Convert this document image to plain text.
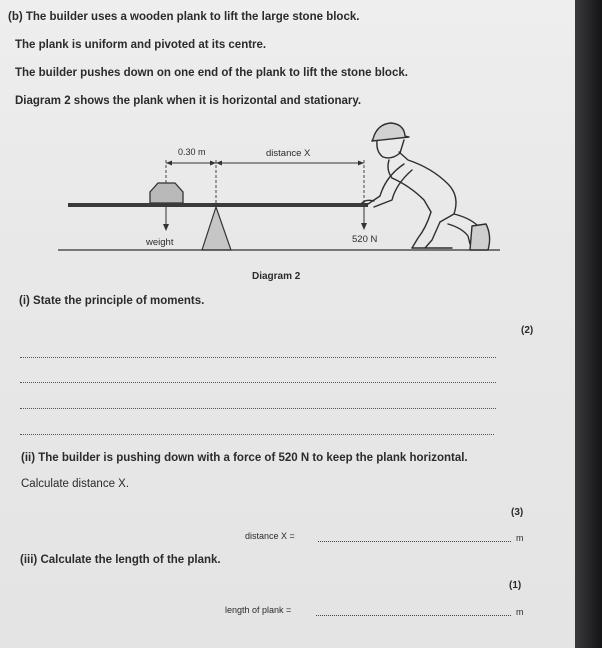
(b) The builder uses a wooden plank to lift the large stone block.
The plank is uniform and pivoted at its centre.
The builder pushes down on one end of the plank to lift the stone block.
Diagram 2 shows the plank when it is horizontal and stationary.
0.30 m	distance X
weight	520 N
Diagram 2
(i) State the principle of moments.
(2)
(ii) The builder is pushing down with a force of 520 N to keep the plank horizontal.
Calculate distance X.
(3)
distance X =	m
(iii) Calculate the length of the plank.
(1)
length of plank =	m
